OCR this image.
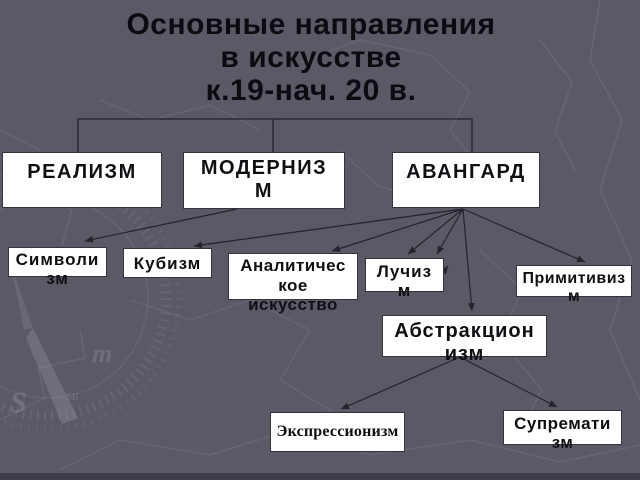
S
m
SB
Основные направления
в искусстве
к.19-нач. 20 в.
РЕАЛИЗМ	МОДЕРНИЗ
М
АВАНГАРД
Символи
зм
Кубизм Аналитичес
кое
искусство
Лучиз
м
Примитивиз
м
Абстракцион
изм
Экспрессионизм	Супремати
зм
